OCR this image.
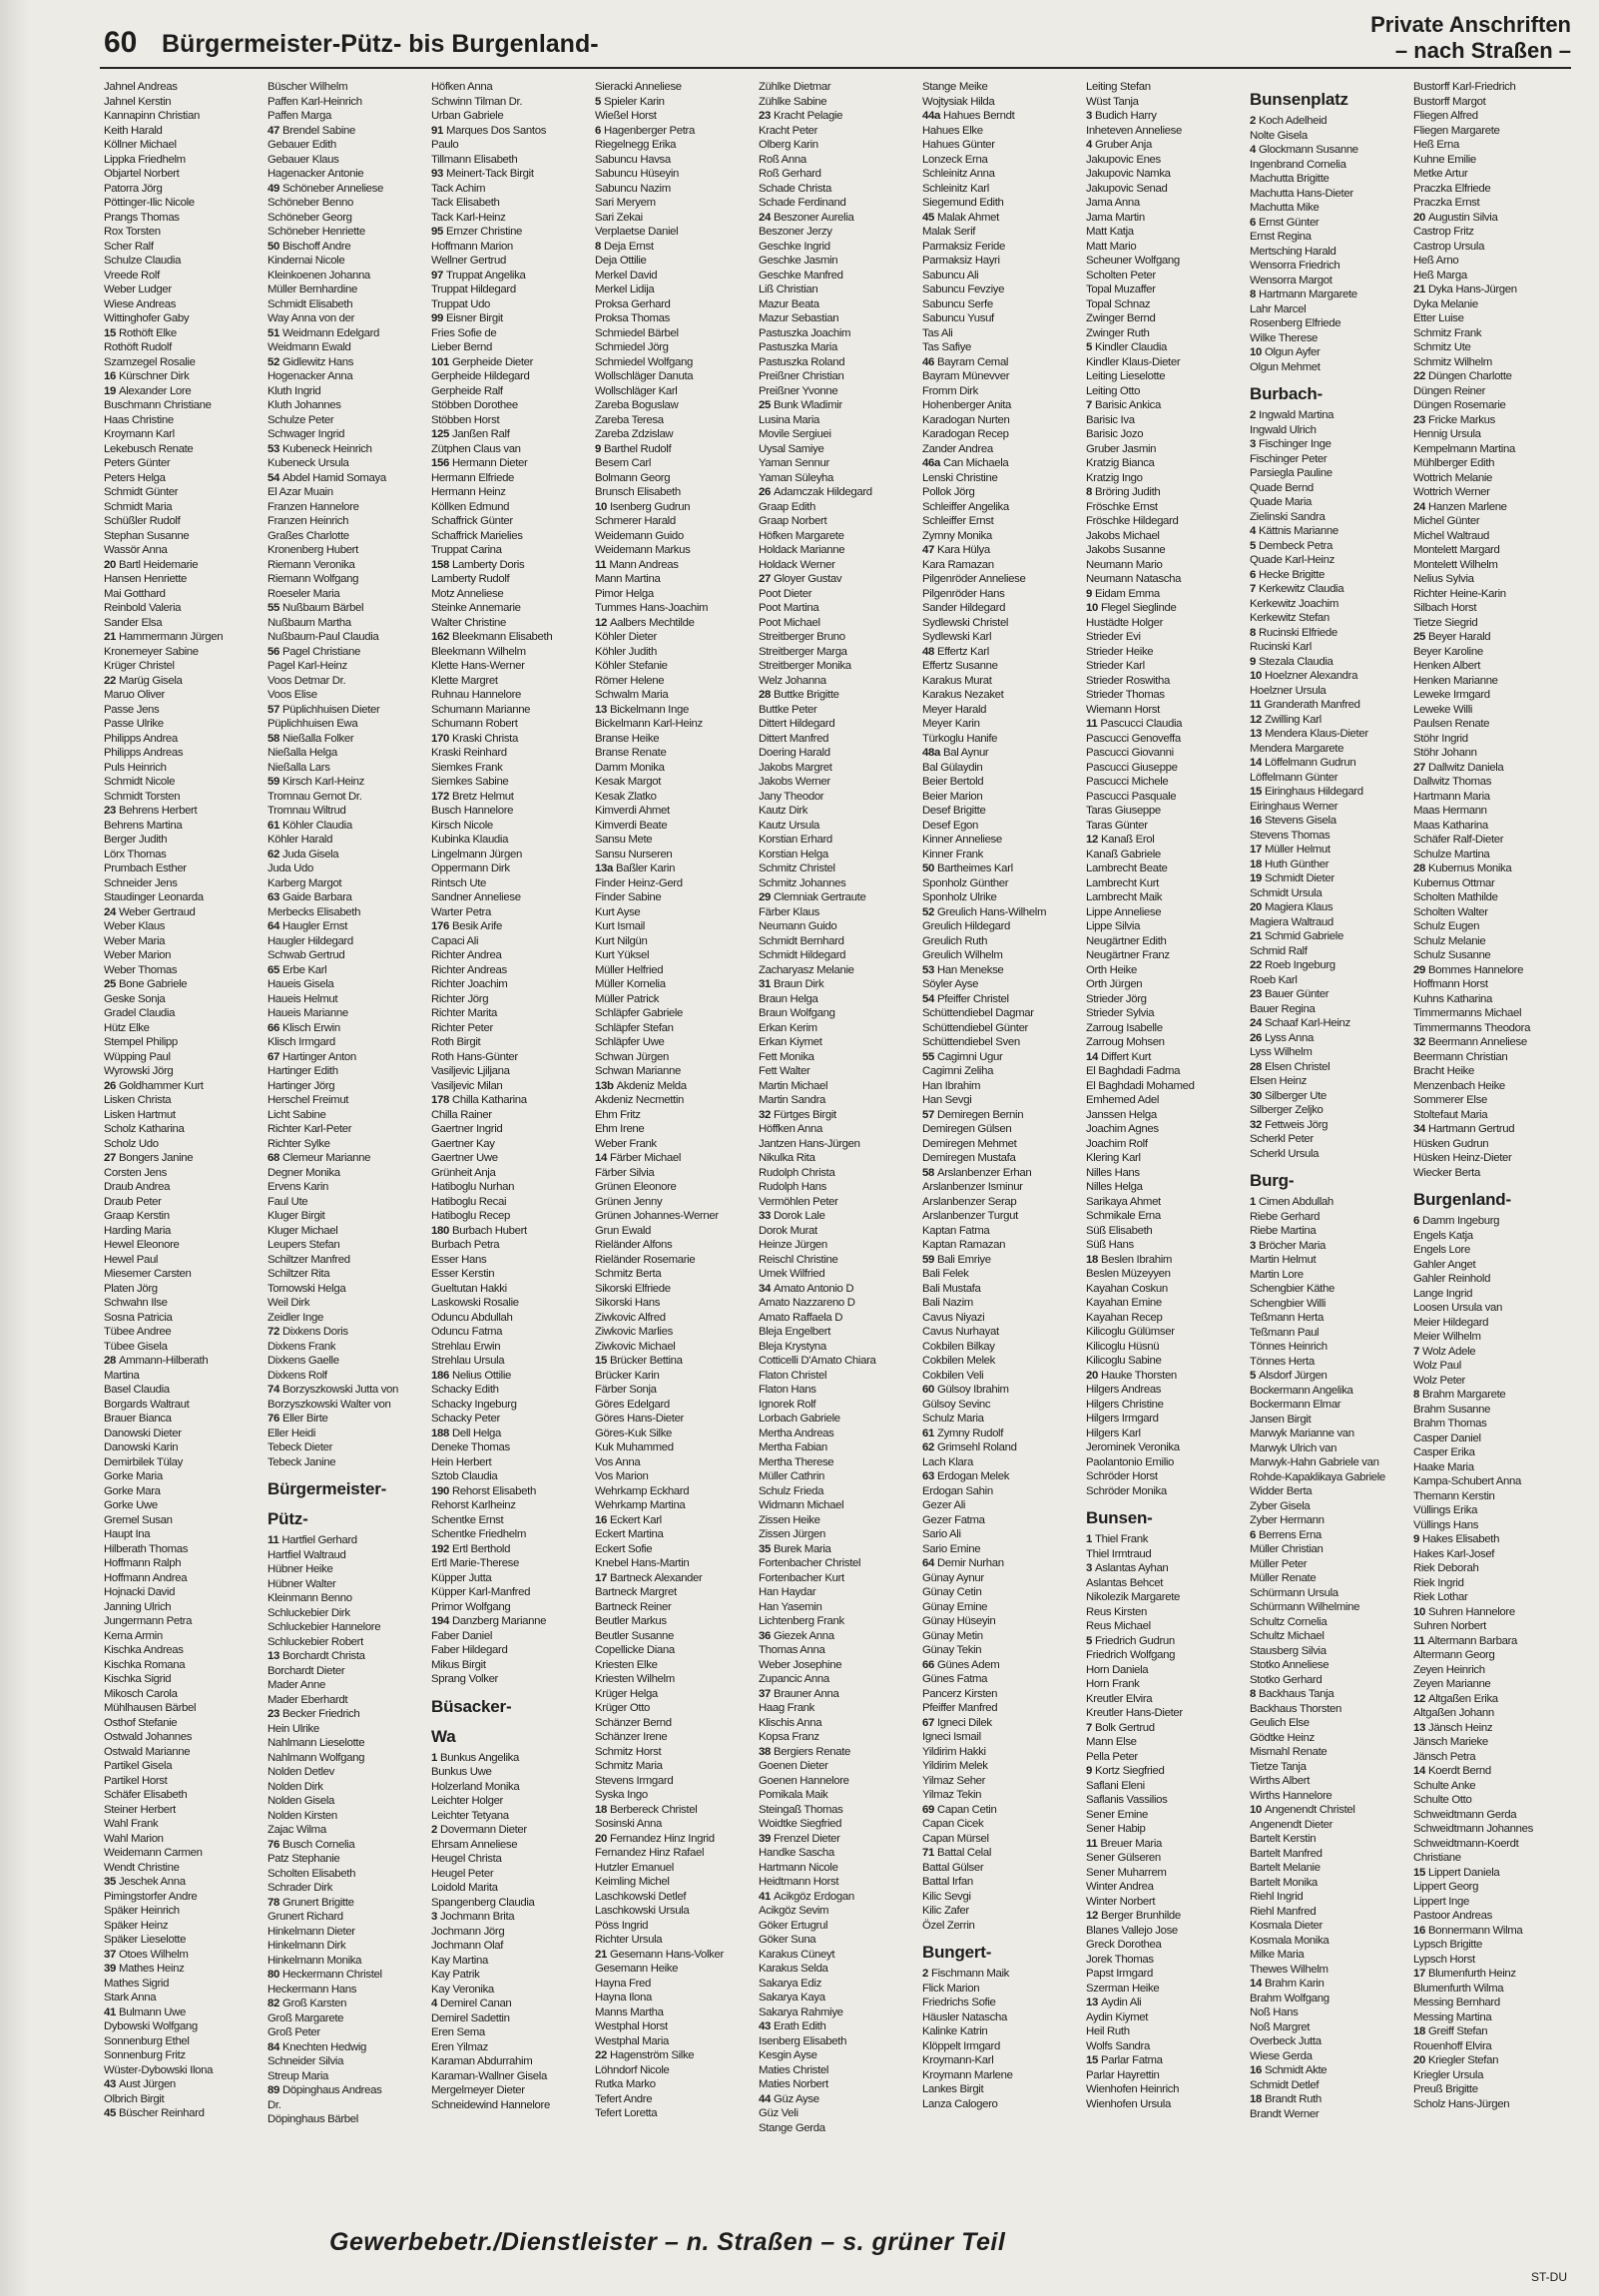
60 Bürgermeister-Pütz- bis Burgenland-
Private Anschriften
– nach Straßen –
Jahnel Andreas
Jahnel Kerstin
Kannapinn Christian
Keith Harald
Köllner Michael
Lippka Friedhelm
Objartel Norbert
Patorra Jörg
Pöttinger-Ilic Nicole
Prangs Thomas
Rox Torsten
Scher Ralf
Schulze Claudia
Vreede Rolf
Weber Ludger
Wiese Andreas
Wittinghofer Gaby
15 Rothöft Elke
Rothöft Rudolf
Szamzegel Rosalie
16 Kürschner Dirk
19 Alexander Lore
Buschmann Christiane
Haas Christine
Kroymann Karl
Lekebusch Renate
Peters Günter
Peters Helga
Schmidt Günter
Schmidt Maria
Schüßler Rudolf
Stephan Susanne
Wassör Anna
20 Bartl Heidemarie
Hansen Henriette
Mai Gotthard
Reinbold Valeria
Sander Elsa
21 Hammermann Jürgen
Kronemeyer Sabine
Krüger Christel
22 Marüg Gisela
Maruo Oliver
Passe Jens
Passe Ulrike
Philipps Andrea
Philipps Andreas
Puls Heinrich
Schmidt Nicole
Schmidt Torsten
23 Behrens Herbert
Behrens Martina
Berger Judith
Lörx Thomas
Prumbach Esther
Schneider Jens
Staudinger Leonarda
24 Weber Gertraud
Weber Klaus
Weber Maria
Weber Marion
Weber Thomas
25 Bone Gabriele
Geske Sonja
Gradel Claudia
Hütz Elke
Stempel Philipp
Wüpping Paul
Wyrowski Jörg
26 Goldhammer Kurt
Lisken Christa
Lisken Hartmut
Scholz Katharina
Scholz Udo
27 Bongers Janine
Corsten Jens
Draub Andrea
Draub Peter
Graap Kerstin
Harding Maria
Hewel Eleonore
Hewel Paul
Miesemer Carsten
Platen Jörg
Schwahn Ilse
Sosna Patricia
Tübee Andree
Tübee Gisela
28 Ammann-Hilberath
Martina
Basel Claudia
Borgards Waltraut
Brauer Bianca
Danowski Dieter
Danowski Karin
Demirbilek Tülay
Gorke Maria
Gorke Mara
Gorke Uwe
Gremel Susan
Haupt Ina
Hilberath Thomas
Hoffmann Ralph
Hoffmann Andrea
Hojnacki David
Janning Ulrich
Jungermann Petra
Kerna Armin
Kischka Andreas
Kischka Romana
Kischka Sigrid
Mikosch Carola
Mühlhausen Bärbel
Osthof Stefanie
Ostwald Johannes
Ostwald Marianne
Partikel Gisela
Partikel Horst
Schäfer Elisabeth
Steiner Herbert
Wahl Frank
Wahl Marion
Weidemann Carmen
Wendt Christine
35 Jeschek Anna
Pimingstorfer Andre
Späker Heinrich
Späker Heinz
Späker Lieselotte
37 Otoes Wilhelm
39 Mathes Heinz
Mathes Sigrid
Stark Anna
41 Bulmann Uwe
Dybowski Wolfgang
Sonnenburg Ethel
Sonnenburg Fritz
Wüster-Dybowski Ilona
43 Aust Jürgen
Olbrich Birgit
45 Büscher Reinhard
Büscher Wilhelm
Paffen Karl-Heinrich
Paffen Marga
47 Brendel Sabine
Gebauer Edith
Gebauer Klaus
Hagenacker Antonie
49 Schöneber Anneliese
Schöneber Benno
Schöneber Georg
Schöneber Henriette
50 Bischoff Andre
Kindernai Nicole
Kleinkoenen Johanna
Müller Bernhardine
Schmidt Elisabeth
Way Anna von der
51 Weidmann Edelgard
Weidmann Ewald
52 Gidlewitz Hans
Hogenacker Anna
Kluth Ingrid
Kluth Johannes
Schulze Peter
Schwager Ingrid
53 Kubeneck Heinrich
Kubeneck Ursula
54 Abdel Hamid Somaya
El Azar Muain
Franzen Hannelore
Franzen Heinrich
Graßes Charlotte
Kronenberg Hubert
Riemann Veronika
Riemann Wolfgang
Roeseler Maria
55 Nußbaum Bärbel
Nußbaum Martha
Nußbaum-Paul Claudia
56 Pagel Christiane
Pagel Karl-Heinz
Voos Detmar Dr.
Voos Elise
57 Püplichhuisen Dieter
Püplichhuisen Ewa
58 Nießalla Folker
Nießalla Helga
Nießalla Lars
59 Kirsch Karl-Heinz
Tromnau Gernot Dr.
Tromnau Wiltrud
61 Köhler Claudia
Köhler Harald
62 Juda Gisela
Juda Udo
Karberg Margot
63 Gaide Barbara
Merbecks Elisabeth
64 Haugler Ernst
Haugler Hildegard
Schwab Gertrud
65 Erbe Karl
Haueis Gisela
Haueis Helmut
Haueis Marianne
66 Klisch Erwin
Klisch Irmgard
67 Hartinger Anton
Hartinger Edith
Hartinger Jörg
Herschel Freimut
Licht Sabine
Richter Karl-Peter
Richter Sylke
68 Clemeur Marianne
Degner Monika
Ervens Karin
Faul Ute
Kluger Birgit
Kluger Michael
Leupers Stefan
Schiltzer Manfred
Schiltzer Rita
Tornowski Helga
Weil Dirk
Zeidler Inge
72 Dixkens Doris
Dixkens Frank
Dixkens Gaelle
Dixkens Rolf
74 Borzyszkowski Jutta von
Borzyszkowski Walter von
76 Eller Birte
Eller Heidi
Tebeck Dieter
Tebeck Janine
Bürgermeister-
Pütz-
11 Hartfiel Gerhard
Hartfiel Waltraud
Hübner Heike
Hübner Walter
Kleinmann Benno
Schluckebier Dirk
Schluckebier Hannelore
Schluckebier Robert
13 Borchardt Christa
Borchardt Dieter
Mader Anne
Mader Eberhardt
23 Becker Friedrich
Hein Ulrike
Nahlmann Lieselotte
Nahlmann Wolfgang
Nolden Detlev
Nolden Dirk
Nolden Gisela
Nolden Kirsten
Zajac Wilma
76 Busch Cornelia
Patz Stephanie
Scholten Elisabeth
Schrader Dirk
78 Grunert Brigitte
Grunert Richard
Hinkelmann Dieter
Hinkelmann Dirk
Hinkelmann Monika
80 Heckermann Christel
Heckermann Hans
82 Groß Karsten
Groß Margarete
Groß Peter
84 Knechten Hedwig
Schneider Silvia
Streup Maria
89 Döpinghaus Andreas
Dr.
Döpinghaus Bärbel
Höfken Anna
Schwinn Tilman Dr.
Urban Gabriele
91 Marques Dos Santos
Paulo
Tillmann Elisabeth
93 Meinert-Tack Birgit
Tack Achim
Tack Elisabeth
Tack Karl-Heinz
95 Ernzer Christine
Hoffmann Marion
Wellner Gertrud
97 Truppat Angelika
Truppat Hildegard
Truppat Udo
99 Eisner Birgit
Fries Sofie de
Lieber Bernd
101 Gerpheide Dieter
Gerpheide Hildegard
Gerpheide Ralf
Stöbben Dorothee
Stöbben Horst
125 Janßen Ralf
Zütphen Claus van
156 Hermann Dieter
Hermann Elfriede
Hermann Heinz
Köllken Edmund
Schaffrick Günter
Schaffrick Marielies
Truppat Carina
158 Lamberty Doris
Lamberty Rudolf
Motz Anneliese
Steinke Annemarie
Walter Christine
162 Bleekmann Elisabeth
Bleekmann Wilhelm
Klette Hans-Werner
Klette Margret
Ruhnau Hannelore
Schumann Marianne
Schumann Robert
170 Kraski Christa
Kraski Reinhard
Siemkes Frank
Siemkes Sabine
172 Bretz Helmut
Busch Hannelore
Kirsch Nicole
Kubinka Klaudia
Lingelmann Jürgen
Oppermann Dirk
Rintsch Ute
Sandner Anneliese
Warter Petra
176 Besik Arife
Capaci Ali
Richter Andrea
Richter Andreas
Richter Joachim
Richter Jörg
Richter Marita
Richter Peter
Roth Birgit
Roth Hans-Günter
Vasiljevic Ljiljana
Vasiljevic Milan
178 Chilla Katharina
Chilla Rainer
Gaertner Ingrid
Gaertner Kay
Gaertner Uwe
Grünheit Anja
Hatiboglu Nurhan
Hatiboglu Recai
Hatiboglu Recep
180 Burbach Hubert
Burbach Petra
Esser Hans
Esser Kerstin
Gueltutan Hakki
Laskowski Rosalie
Oduncu Abdullah
Oduncu Fatma
Strehlau Erwin
Strehlau Ursula
186 Nelius Ottilie
Schacky Edith
Schacky Ingeburg
Schacky Peter
188 Dell Helga
Deneke Thomas
Hein Herbert
Sztob Claudia
190 Rehorst Elisabeth
Rehorst Karlheinz
Schentke Ernst
Schentke Friedhelm
192 Ertl Berthold
Ertl Marie-Therese
Küpper Jutta
Küpper Karl-Manfred
Primor Wolfgang
194 Danzberg Marianne
Faber Daniel
Faber Hildegard
Mikus Birgit
Sprang Volker
Büsacker-
Wa
1 Bunkus Angelika
Bunkus Uwe
Holzerland Monika
Leichter Holger
Leichter Tetyana
2 Dovermann Dieter
Ehrsam Anneliese
Heugel Christa
Heugel Peter
Loidold Marita
Spangenberg Claudia
3 Jochmann Brita
Jochmann Jörg
Jochmann Olaf
Kay Martina
Kay Patrik
Kay Veronika
4 Demirel Canan
Demirel Sadettin
Eren Sema
Eren Yilmaz
Karaman Abdurrahim
Karaman-Wallner Gisela
Mergelmeyer Dieter
Schneidewind Hannelore
Sieracki Anneliese
5 Spieler Karin
Wießel Horst
6 Hagenberger Petra
Riegelnegg Erika
Sabuncu Havsa
Sabuncu Hüseyin
Sabuncu Nazim
Sari Meryem
Sari Zekai
Verplaetse Daniel
8 Deja Ernst
Deja Ottilie
Merkel David
Merkel Lidija
Proksa Gerhard
Proksa Thomas
Schmiedel Bärbel
Schmiedel Jörg
Schmiedel Wolfgang
Wollschläger Danuta
Wollschläger Karl
Zareba Boguslaw
Zareba Teresa
Zareba Zdzislaw
9 Barthel Rudolf
Besem Carl
Bolmann Georg
Brunsch Elisabeth
10 Isenberg Gudrun
Schmerer Harald
Weidemann Guido
Weidemann Markus
11 Mann Andreas
Mann Martina
Pimor Helga
Tummes Hans-Joachim
12 Aalbers Mechtilde
Köhler Dieter
Köhler Judith
Köhler Stefanie
Römer Helene
Schwalm Maria
13 Bickelmann Inge
Bickelmann Karl-Heinz
Branse Heike
Branse Renate
Damm Monika
Kesak Margot
Kesak Zlatko
Kimverdi Ahmet
Kimverdi Beate
Sansu Mete
Sansu Nurseren
13a Baßler Karin
Finder Heinz-Gerd
Finder Sabine
Kurt Ayse
Kurt Ismail
Kurt Nilgün
Kurt Yüksel
Müller Helfried
Müller Kornelia
Müller Patrick
Schläpfer Gabriele
Schläpfer Stefan
Schläpfer Uwe
Schwan Jürgen
Schwan Marianne
13b Akdeniz Melda
Akdeniz Necmettin
Ehm Fritz
Ehm Irene
Weber Frank
14 Färber Michael
Färber Silvia
Grünen Eleonore
Grünen Jenny
Grünen Johannes-Werner
Grun Ewald
Rieländer Alfons
Rieländer Rosemarie
Schmitz Berta
Sikorski Elfriede
Sikorski Hans
Ziwkovic Alfred
Ziwkovic Marlies
Ziwkovic Michael
15 Brücker Bettina
Brücker Karin
Färber Sonja
Göres Edelgard
Göres Hans-Dieter
Göres-Kuk Silke
Kuk Muhammed
Vos Anna
Vos Marion
Wehrkamp Eckhard
Wehrkamp Martina
16 Eckert Karl
Eckert Martina
Eckert Sofie
Knebel Hans-Martin
17 Bartneck Alexander
Bartneck Margret
Bartneck Reiner
Beutler Markus
Beutler Susanne
Copellicke Diana
Kriesten Elke
Kriesten Wilhelm
Krüger Helga
Krüger Otto
Schänzer Bernd
Schänzer Irene
Schmitz Horst
Schmitz Maria
Stevens Irmgard
Syska Ingo
18 Berbereck Christel
Sosinski Anna
20 Fernandez Hinz Ingrid
Fernandez Hinz Rafael
Hutzler Emanuel
Keimling Michel
Laschkowski Detlef
Laschkowski Ursula
Pöss Ingrid
Richter Ursula
21 Gesemann Hans-Volker
Gesemann Heike
Hayna Fred
Hayna Ilona
Manns Martha
Westphal Horst
Westphal Maria
22 Hagenström Silke
Löhndorf Nicole
Rutka Marko
Tefert Andre
Tefert Loretta
Zühlke Dietmar
Zühlke Sabine
23 Kracht Pelagie
Kracht Peter
Olberg Karin
Roß Anna
Roß Gerhard
Schade Christa
Schade Ferdinand
24 Beszoner Aurelia
Beszoner Jerzy
Geschke Ingrid
Geschke Jasmin
Geschke Manfred
Liß Christian
Mazur Beata
Mazur Sebastian
Pastuszka Joachim
Pastuszka Maria
Pastuszka Roland
Preißner Christian
Preißner Yvonne
25 Bunk Wladimir
Lusina Maria
Movile Sergiuei
Uysal Samiye
Yaman Sennur
Yaman Süleyha
26 Adamczak Hildegard
Graap Edith
Graap Norbert
Höfken Margarete
Holdack Marianne
Holdack Werner
27 Gloyer Gustav
Poot Dieter
Poot Martina
Poot Michael
Streitberger Bruno
Streitberger Marga
Streitberger Monika
Welz Johanna
28 Buttke Brigitte
Buttke Peter
Dittert Hildegard
Dittert Manfred
Doering Harald
Jakobs Margret
Jakobs Werner
Jany Theodor
Kautz Dirk
Kautz Ursula
Korstian Erhard
Korstian Helga
Schmitz Christel
Schmitz Johannes
29 Clemniak Gertraute
Färber Klaus
Neumann Guido
Schmidt Bernhard
Schmidt Hildegard
Zacharyasz Melanie
31 Braun Dirk
Braun Helga
Braun Wolfgang
Erkan Kerim
Erkan Kiymet
Fett Monika
Fett Walter
Martin Michael
Martin Sandra
32 Fürtges Birgit
Höffken Anna
Jantzen Hans-Jürgen
Nikulka Rita
Rudolph Christa
Rudolph Hans
Vermöhlen Peter
33 Dorok Lale
Dorok Murat
Heinze Jürgen
Reischl Christine
Umek Wilfried
34 Amato Antonio D
Amato Nazzareno D
Amato Raffaela D
Bleja Engelbert
Bleja Krystyna
Cotticelli D'Amato Chiara
Flaton Christel
Flaton Hans
Ignorek Rolf
Lorbach Gabriele
Mertha Andreas
Mertha Fabian
Mertha Therese
Müller Cathrin
Schulz Frieda
Widmann Michael
Zissen Heike
Zissen Jürgen
35 Burek Maria
Fortenbacher Christel
Fortenbacher Kurt
Han Haydar
Han Yasemin
Lichtenberg Frank
36 Giezek Anna
Thomas Anna
Weber Josephine
Zupancic Anna
37 Brauner Anna
Haag Frank
Klischis Anna
Kopsa Franz
38 Bergiers Renate
Goenen Dieter
Goenen Hannelore
Pomikala Maik
Steingaß Thomas
Woidtke Siegfried
39 Frenzel Dieter
Handke Sascha
Hartmann Nicole
Heidtmann Horst
41 Acikgöz Erdogan
Acikgöz Sevim
Göker Ertugrul
Göker Suna
Karakus Cüneyt
Karakus Selda
Sakarya Ediz
Sakarya Kaya
Sakarya Rahmiye
43 Erath Edith
Isenberg Elisabeth
Kesgin Ayse
Maties Christel
Maties Norbert
44 Güz Ayse
Güz Veli
Stange Gerda
Stange Meike
Wojtysiak Hilda
44a Hahues Berndt
Hahues Elke
Hahues Günter
Lonzeck Erna
Schleinitz Anna
Schleinitz Karl
Siegemund Edith
45 Malak Ahmet
Malak Serif
Parmaksiz Feride
Parmaksiz Hayri
Sabuncu Ali
Sabuncu Fevziye
Sabuncu Serfe
Sabuncu Yusuf
Tas Ali
Tas Safiye
46 Bayram Cemal
Bayram Münevver
Fromm Dirk
Hohenberger Anita
Karadogan Nurten
Karadogan Recep
Zander Andrea
46a Can Michaela
Lenski Christine
Pollok Jörg
Schleiffer Angelika
Schleiffer Ernst
Zymny Monika
47 Kara Hülya
Kara Ramazan
Pilgenröder Anneliese
Pilgenröder Hans
Sander Hildegard
Sydlewski Christel
Sydlewski Karl
48 Effertz Karl
Effertz Susanne
Karakus Murat
Karakus Nezaket
Meyer Harald
Meyer Karin
Türkoglu Hanife
48a Bal Aynur
Bal Gülaydin
Beier Bertold
Beier Marion
Desef Brigitte
Desef Egon
Kinner Anneliese
Kinner Frank
50 Bartheimes Karl
Sponholz Günther
Sponholz Ulrike
52 Greulich Hans-Wilhelm
Greulich Hildegard
Greulich Ruth
Greulich Wilhelm
53 Han Menekse
Söyler Ayse
54 Pfeiffer Christel
Schüttendiebel Dagmar
Schüttendiebel Günter
Schüttendiebel Sven
55 Cagimni Ugur
Cagimni Zeliha
Han Ibrahim
Han Sevgi
57 Demiregen Bernin
Demiregen Gülsen
Demiregen Mehmet
Demiregen Mustafa
58 Arslanbenzer Erhan
Arslanbenzer Isminur
Arslanbenzer Serap
Arslanbenzer Turgut
Kaptan Fatma
Kaptan Ramazan
59 Bali Emriye
Bali Felek
Bali Mustafa
Bali Nazim
Cavus Niyazi
Cavus Nurhayat
Cokbilen Bilkay
Cokbilen Melek
Cokbilen Veli
60 Gülsoy Ibrahim
Gülsoy Sevinc
Schulz Maria
61 Zymny Rudolf
62 Grimsehl Roland
Lach Klara
63 Erdogan Melek
Erdogan Sahin
Gezer Ali
Gezer Fatma
Sario Ali
Sario Emine
64 Demir Nurhan
Günay Aynur
Günay Cetin
Günay Emine
Günay Hüseyin
Günay Metin
Günay Tekin
66 Günes Adem
Günes Fatma
Pancerz Kirsten
Pfeiffer Manfred
67 Igneci Dilek
Igneci Ismail
Yildirim Hakki
Yildirim Melek
Yilmaz Seher
Yilmaz Tekin
69 Capan Cetin
Capan Cicek
Capan Mürsel
71 Battal Celal
Battal Gülser
Battal Irfan
Kilic Sevgi
Kilic Zafer
Özel Zerrin
Bungert-
2 Fischmann Maik
Flick Marion
Friedrichs Sofie
Häusler Natascha
Kalinke Katrin
Klöppelt Irmgard
Kroymann-Karl
Kroymann Marlene
Lankes Birgit
Lanza Calogero
Leiting Stefan
Wüst Tanja
3 Budich Harry
Inheteven Anneliese
4 Gruber Anja
Jakupovic Enes
Jakupovic Namka
Jakupovic Senad
Jama Anna
Jama Martin
Matt Katja
Matt Mario
Scheuner Wolfgang
Scholten Peter
Topal Muzaffer
Topal Schnaz
Zwinger Bernd
Zwinger Ruth
5 Kindler Claudia
Kindler Klaus-Dieter
Leiting Lieselotte
Leiting Otto
7 Barisic Ankica
Barisic Iva
Barisic Jozo
Gruber Jasmin
Kratzig Bianca
Kratzig Ingo
8 Bröring Judith
Fröschke Ernst
Fröschke Hildegard
Jakobs Michael
Jakobs Susanne
Neumann Mario
Neumann Natascha
9 Eidam Emma
10 Flegel Sieglinde
Hustädte Holger
Strieder Evi
Strieder Heike
Strieder Karl
Strieder Roswitha
Strieder Thomas
Wiemann Horst
11 Pascucci Claudia
Pascucci Genoveffa
Pascucci Giovanni
Pascucci Giuseppe
Pascucci Michele
Pascucci Pasquale
Taras Giuseppe
Taras Günter
12 Kanaß Erol
Kanaß Gabriele
Lambrecht Beate
Lambrecht Kurt
Lambrecht Maik
Lippe Anneliese
Lippe Silvia
Neugärtner Edith
Neugärtner Franz
Orth Heike
Orth Jürgen
Strieder Jörg
Strieder Sylvia
Zarroug Isabelle
Zarroug Mohsen
14 Differt Kurt
El Baghdadi Fadma
El Baghdadi Mohamed
Emhemed Adel
Janssen Helga
Joachim Agnes
Joachim Rolf
Klering Karl
Nilles Hans
Nilles Helga
Sarikaya Ahmet
Schmikale Erna
Süß Elisabeth
Süß Hans
18 Beslen Ibrahim
Beslen Müzeyyen
Kayahan Coskun
Kayahan Emine
Kayahan Recep
Kilicoglu Gülümser
Kilicoglu Hüsnü
Kilicoglu Sabine
20 Hauke Thorsten
Hilgers Andreas
Hilgers Christine
Hilgers Irmgard
Hilgers Karl
Jerominek Veronika
Paolantonio Emilio
Schröder Horst
Schröder Monika
Bunsen-
1 Thiel Frank
Thiel Irmtraud
3 Aslantas Ayhan
Aslantas Behcet
Nikolezik Margarete
Reus Kirsten
Reus Michael
5 Friedrich Gudrun
Friedrich Wolfgang
Horn Daniela
Horn Frank
Kreutler Elvira
Kreutler Hans-Dieter
7 Bolk Gertrud
Mann Else
Pella Peter
9 Kortz Siegfried
Saflani Eleni
Saflanis Vassilios
Sener Emine
Sener Habip
11 Breuer Maria
Sener Gülseren
Sener Muharrem
Winter Andrea
Winter Norbert
12 Berger Brunhilde
Blanes Vallejo Jose
Greck Dorothea
Jorek Thomas
Papst Irmgard
Szerman Heike
13 Aydin Ali
Aydin Kiymet
Heil Ruth
Wolfs Sandra
15 Parlar Fatma
Parlar Hayrettin
Wienhofen Heinrich
Wienhofen Ursula
Bunsenplatz
2 Koch Adelheid
Nolte Gisela
4 Glockmann Susanne
Ingenbrand Cornelia
Machutta Brigitte
Machutta Hans-Dieter
Machutta Mike
6 Ernst Günter
Ernst Regina
Mertsching Harald
Wensorra Friedrich
Wensorra Margot
8 Hartmann Margarete
Lahr Marcel
Rosenberg Elfriede
Wilke Therese
10 Olgun Ayfer
Olgun Mehmet
Burbach-
2 Ingwald Martina
Ingwald Ulrich
3 Fischinger Inge
Fischinger Peter
Parsiegla Pauline
Quade Bernd
Quade Maria
Zielinski Sandra
4 Kättnis Marianne
5 Dembeck Petra
Quade Karl-Heinz
6 Hecke Brigitte
7 Kerkewitz Claudia
Kerkewitz Joachim
Kerkewitz Stefan
8 Rucinski Elfriede
Rucinski Karl
9 Stezala Claudia
10 Hoelzner Alexandra
Hoelzner Ursula
11 Granderath Manfred
12 Zwilling Karl
13 Mendera Klaus-Dieter
Mendera Margarete
14 Löffelmann Gudrun
Löffelmann Günter
15 Eiringhaus Hildegard
Eiringhaus Werner
16 Stevens Gisela
Stevens Thomas
17 Müller Helmut
18 Huth Günther
19 Schmidt Dieter
Schmidt Ursula
20 Magiera Klaus
Magiera Waltraud
21 Schmid Gabriele
Schmid Ralf
22 Roeb Ingeburg
Roeb Karl
23 Bauer Günter
Bauer Regina
24 Schaaf Karl-Heinz
26 Lyss Anna
Lyss Wilhelm
28 Elsen Christel
Elsen Heinz
30 Silberger Ute
Silberger Zeljko
32 Fettweis Jörg
Scherkl Peter
Scherkl Ursula
Burg-
1 Cimen Abdullah
Riebe Gerhard
Riebe Martina
3 Bröcher Maria
Martin Helmut
Martin Lore
Schengbier Käthe
Schengbier Willi
Teßmann Herta
Teßmann Paul
Tönnes Heinrich
Tönnes Herta
5 Alsdorf Jürgen
Bockermann Angelika
Bockermann Elmar
Jansen Birgit
Marwyk Marianne van
Marwyk Ulrich van
Marwyk-Hahn Gabriele van
Rohde-Kapaklikaya Gabriele
Widder Berta
Zyber Gisela
Zyber Hermann
6 Berrens Erna
Müller Christian
Müller Peter
Müller Renate
Schürmann Ursula
Schürmann Wilhelmine
Schultz Cornelia
Schultz Michael
Stausberg Silvia
Stotko Anneliese
Stotko Gerhard
8 Backhaus Tanja
Backhaus Thorsten
Geulich Else
Gödtke Heinz
Mismahl Renate
Tietze Tanja
Wirths Albert
Wirths Hannelore
10 Angenendt Christel
Angenendt Dieter
Bartelt Kerstin
Bartelt Manfred
Bartelt Melanie
Bartelt Monika
Riehl Ingrid
Riehl Manfred
Kosmala Dieter
Kosmala Monika
Milke Maria
Thewes Wilhelm
14 Brahm Karin
Brahm Wolfgang
Noß Hans
Noß Margret
Overbeck Jutta
Wiese Gerda
16 Schmidt Akte
Schmidt Detlef
18 Brandt Ruth
Brandt Werner
Bustorff Karl-Friedrich
Bustorff Margot
Fliegen Alfred
Fliegen Margarete
Heß Erna
Kuhne Emilie
Metke Artur
Praczka Elfriede
Praczka Ernst
20 Augustin Silvia
Castrop Fritz
Castrop Ursula
Heß Arno
Heß Marga
21 Dyka Hans-Jürgen
Dyka Melanie
Etter Luise
Schmitz Frank
Schmitz Ute
Schmitz Wilhelm
22 Düngen Charlotte
Düngen Reiner
Düngen Rosemarie
23 Fricke Markus
Hennig Ursula
Kempelmann Martina
Mühlberger Edith
Wottrich Melanie
Wottrich Werner
24 Hanzen Marlene
Michel Günter
Michel Waltraud
Montelett Margard
Montelett Wilhelm
Nelius Sylvia
Richter Heine-Karin
Silbach Horst
Tietze Siegrid
25 Beyer Harald
Beyer Karoline
Henken Albert
Henken Marianne
Leweke Irmgard
Leweke Willi
Paulsen Renate
Stöhr Ingrid
Stöhr Johann
27 Dallwitz Daniela
Dallwitz Thomas
Hartmann Maria
Maas Hermann
Maas Katharina
Schäfer Ralf-Dieter
Schulze Martina
28 Kubernus Monika
Kubernus Ottmar
Scholten Mathilde
Scholten Walter
Schulz Eugen
Schulz Melanie
Schulz Susanne
29 Bommes Hannelore
Hoffmann Horst
Kuhns Katharina
Timmermanns Michael
Timmermanns Theodora
32 Beermann Anneliese
Beermann Christian
Bracht Heike
Menzenbach Heike
Sommerer Else
Stoltefaut Maria
34 Hartmann Gertrud
Hüsken Gudrun
Hüsken Heinz-Dieter
Wiecker Berta
Burgenland-
6 Damm Ingeburg
Engels Katja
Engels Lore
Gahler Anget
Gahler Reinhold
Lange Ingrid
Loosen Ursula van
Meier Hildegard
Meier Wilhelm
7 Wolz Adele
Wolz Paul
Wolz Peter
8 Brahm Margarete
Brahm Susanne
Brahm Thomas
Casper Daniel
Casper Erika
Haake Maria
Kampa-Schubert Anna
Themann Kerstin
Vüllings Erika
Vüllings Hans
9 Hakes Elisabeth
Hakes Karl-Josef
Riek Deborah
Riek Ingrid
Riek Lothar
10 Suhren Hannelore
Suhren Norbert
11 Altermann Barbara
Altermann Georg
Zeyen Heinrich
Zeyen Marianne
12 Altgaßen Erika
Altgaßen Johann
13 Jänsch Heinz
Jänsch Marieke
Jänsch Petra
14 Koerdt Bernd
Schulte Anke
Schulte Otto
Schweidtmann Gerda
Schweidtmann Johannes
Schweidtmann-Koerdt
Christiane
15 Lippert Daniela
Lippert Georg
Lippert Inge
Pastoor Andreas
16 Bonnermann Wilma
Lypsch Brigitte
Lypsch Horst
17 Blumenfurth Heinz
Blumenfurth Wilma
Messing Bernhard
Messing Martina
18 Greiff Stefan
Rouenhoff Elvira
20 Kriegler Stefan
Kriegler Ursula
Preuß Brigitte
Scholz Hans-Jürgen
Gewerbebetr./Dienstleister – n. Straßen – s. grüner Teil
ST-DU
